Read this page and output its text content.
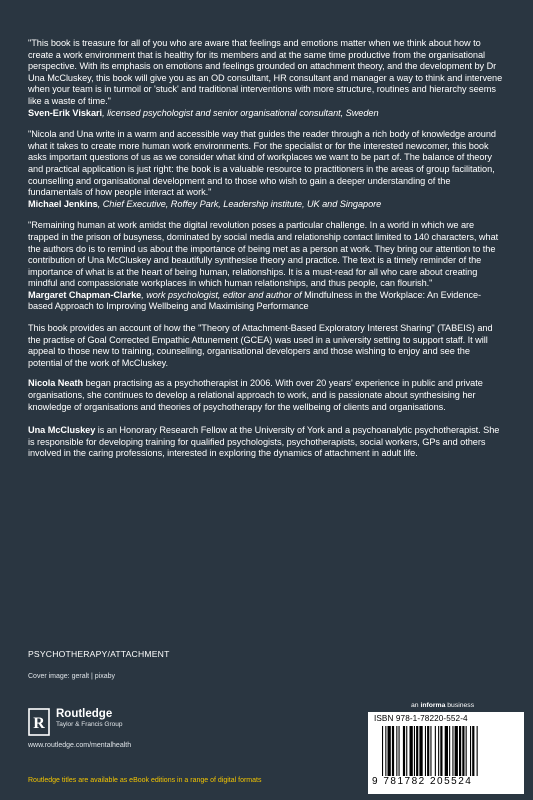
"This book is treasure for all of you who are aware that feelings and emotions matter when we think about how to create a work environment that is healthy for its members and at the same time productive from the organisational perspective. With its emphasis on emotions and feelings grounded on attachment theory, and the development by Dr Una McCluskey, this book will give you as an OD consultant, HR consultant and manager a way to think and intervene when your team is in turmoil or 'stuck' and traditional interventions with more structure, routines and hierarchy seems like a waste of time."

Sven-Erik Viskari, licensed psychologist and senior organisational consultant, Sweden

"Nicola and Una write in a warm and accessible way that guides the reader through a rich body of knowledge around what it takes to create more human work environments. For the specialist or for the interested newcomer, this book asks important questions of us as we consider what kind of workplaces we want to be part of. The balance of theory and practical application is just right: the book is a valuable resource to practitioners in the areas of group facilitation, counselling and organisational development and to those who wish to gain a deeper understanding of the fundamentals of how people interact at work."

Michael Jenkins, Chief Executive, Roffey Park, Leadership institute, UK and Singapore

"Remaining human at work amidst the digital revolution poses a particular challenge. In a world in which we are trapped in the prison of busyness, dominated by social media and relationship contact limited to 140 characters, what the authors do is to remind us about the importance of being met as a person at work. They bring our attention to the contribution of Una McCluskey and beautifully synthesise theory and practice. The text is a timely reminder of the importance of what is at the heart of being human, relationships. It is a must-read for all who care about creating mindful and compassionate workplaces in which human relationships, and thus people, can flourish."

Margaret Chapman-Clarke, work psychologist, editor and author of Mindfulness in the Workplace: An Evidence-based Approach to Improving Wellbeing and Maximising Performance

This book provides an account of how the "Theory of Attachment-Based Exploratory Interest Sharing" (TABEIS) and the practise of Goal Corrected Empathic Attunement (GCEA) was used in a university setting to support staff. It will appeal to those new to training, counselling, organisational developers and those wishing to enjoy and see the potential of the work of McCluskey.

Nicola Neath began practising as a psychotherapist in 2006. With over 20 years' experience in public and private organisations, she continues to develop a relational approach to work, and is passionate about synthesising her knowledge of organisations and theories of psychotherapy for the wellbeing of clients and organisations.

Una McCluskey is an Honorary Research Fellow at the University of York and a psychoanalytic psychotherapist. She is responsible for developing training for qualified psychologists, psychotherapists, social workers, GPs and others involved in the caring professions, interested in exploring the dynamics of attachment in adult life.

PSYCHOTHERAPY/ATTACHMENT
Cover image: geralt | pixaby
R
Routledge
Taylor & Francis Group
www.routledge.com/mentalhealth
Routledge titles are available as eBook editions in a range of digital formats
an informa business
ISBN 978-1-78220-552-4
9 781782 205524
